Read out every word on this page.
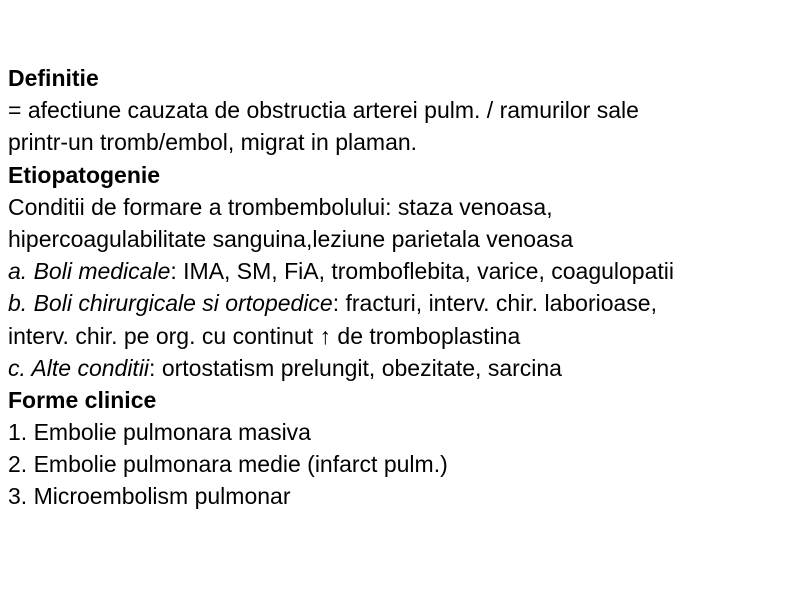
Definitie
= afectiune cauzata de obstructia arterei pulm. / ramurilor sale
printr-un tromb/embol, migrat in plaman.
Etiopatogenie
Conditii de formare a trombembolului: staza venoasa,
hipercoagulabilitate sanguina,leziune parietala venoasa
a. Boli medicale: IMA, SM, FiA, tromboflebita, varice, coagulopatii
b. Boli chirurgicale si ortopedice: fracturi, interv. chir. laborioase,
interv. chir. pe org. cu continut ↑ de tromboplastina
c. Alte conditii: ortostatism prelungit, obezitate, sarcina
Forme clinice
1. Embolie pulmonara masiva
2. Embolie pulmonara medie (infarct pulm.)
3. Microembolism pulmonar
